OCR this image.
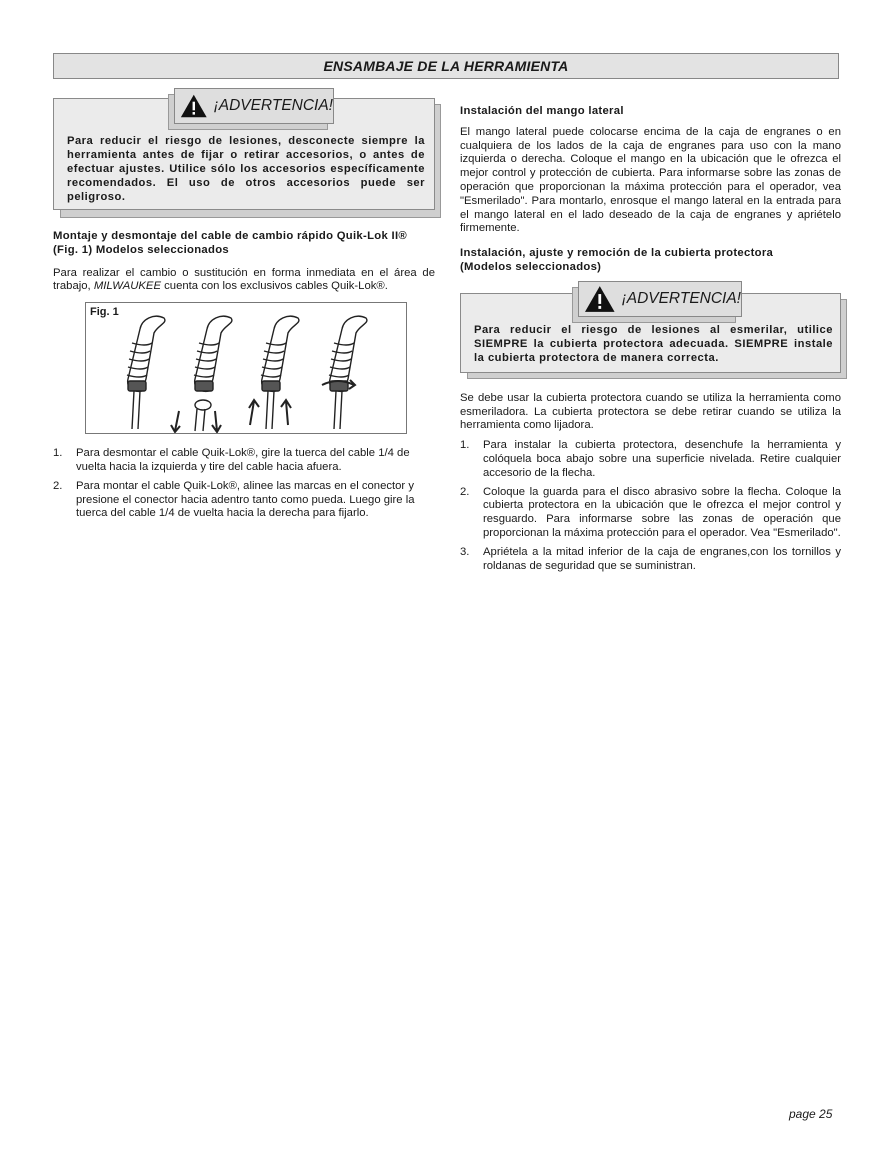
ENSAMBAJE DE LA HERRAMIENTA
¡ADVERTENCIA!
Para reducir el riesgo de lesiones, desconecte siempre la herramienta antes de fijar o retirar accesorios, o antes de efectuar ajustes. Utilice sólo los accesorios específicamente recomendados. El uso de otros accesorios puede ser peligroso.

Montaje y desmontaje del cable de cambio rápido Quik-Lok II®
(Fig. 1) Modelos seleccionados

Para realizar el cambio o sustitución en forma inmediata en el área de trabajo, MILWAUKEE cuenta con los exclusivos cables Quik-Lok®.

Fig. 1
1. Para desmontar el cable Quik-Lok®, gire la tuerca del cable 1/4 de vuelta hacia la izquierda y tire del cable hacia afuera.
2. Para montar el cable Quik-Lok®, alinee las marcas en el conector y presione el conector hacia adentro tanto como pueda. Luego gire la tuerca del cable 1/4 de vuelta hacia la derecha para fijarlo.

Instalación del mango lateral

El mango lateral puede colocarse encima de la caja de engranes o en cualquiera de los lados de la caja de engranes para uso con la mano izquierda o derecha. Coloque el mango en la ubicación que le ofrezca el mejor control y protección de cubierta. Para informarse sobre las zonas de operación que proporcionan la máxima protección para el operador, vea "Esmerilado". Para montarlo, enrosque el mango lateral en la entrada para el mango lateral en el lado deseado de la caja de engranes y apriételo firmemente.

Instalación, ajuste y remoción de la cubierta protectora
(Modelos seleccionados)

¡ADVERTENCIA!
Para reducir el riesgo de lesiones al esmerilar, utilice SIEMPRE la cubierta protectora adecuada. SIEMPRE instale la cubierta protectora de manera correcta.

Se debe usar la cubierta protectora cuando se utiliza la herramienta como esmeriladora. La cubierta protectora se debe retirar cuando se utiliza la herramienta como lijadora.

1. Para instalar la cubierta protectora, desenchufe la herramienta y colóquela boca abajo sobre una superficie nivelada. Retire cualquier accesorio de la flecha.
2. Coloque la guarda para el disco abrasivo sobre la flecha. Coloque la cubierta protectora en la ubicación que le ofrezca el mejor control y resguardo. Para informarse sobre las zonas de operación que proporcionan la máxima protección para el operador. Vea "Esmerilado".
3. Apriétela a la mitad inferior de la caja de engranes,con los tornillos y roldanas de seguridad que se suministran.
page 25
